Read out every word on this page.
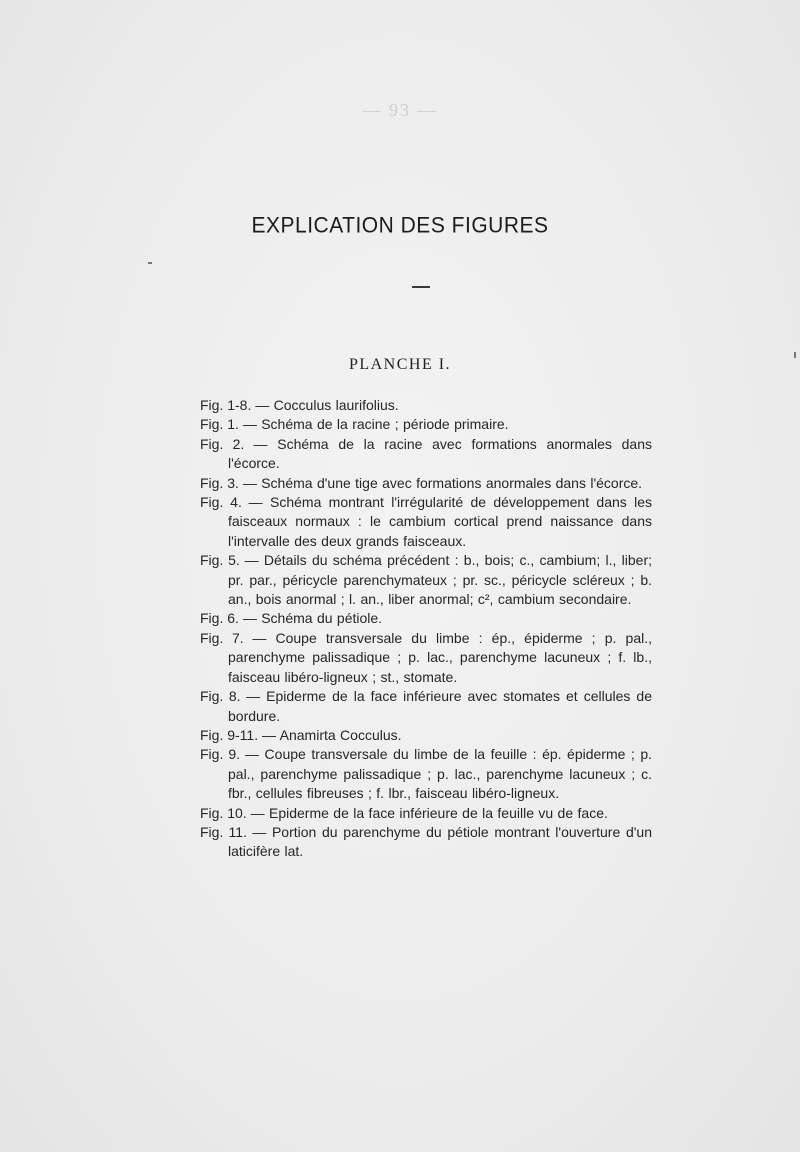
— 93 —
EXPLICATION DES FIGURES
PLANCHE I.
Fig. 1-8. — Cocculus laurifolius.
Fig. 1. — Schéma de la racine ; période primaire.
Fig. 2. — Schéma de la racine avec formations anormales dans l'écorce.
Fig. 3. — Schéma d'une tige avec formations anormales dans l'écorce.
Fig. 4. — Schéma montrant l'irrégularité de développement dans les faisceaux normaux : le cambium cortical prend naissance dans l'intervalle des deux grands faisceaux.
Fig. 5. — Détails du schéma précédent : b., bois; c., cambium; l., liber; pr. par., péricycle parenchymateux ; pr. sc., péricycle scléreux ; b. an., bois anormal ; l. an., liber anormal; c², cambium secondaire.
Fig. 6. — Schéma du pétiole.
Fig. 7. — Coupe transversale du limbe : ép., épiderme ; p. pal., parenchyme palissadique ; p. lac., parenchyme lacuneux ; f. lb., faisceau libéro-ligneux ; st., stomate.
Fig. 8. — Epiderme de la face inférieure avec stomates et cellules de bordure.
Fig. 9-11. — Anamirta Cocculus.
Fig. 9. — Coupe transversale du limbe de la feuille : ép. épiderme ; p. pal., parenchyme palissadique ; p. lac., parenchyme lacuneux ; c. fbr., cellules fibreuses ; f. lbr., faisceau libéro-ligneux.
Fig. 10. — Epiderme de la face inférieure de la feuille vu de face.
Fig. 11. — Portion du parenchyme du pétiole montrant l'ouverture d'un laticifère lat.
